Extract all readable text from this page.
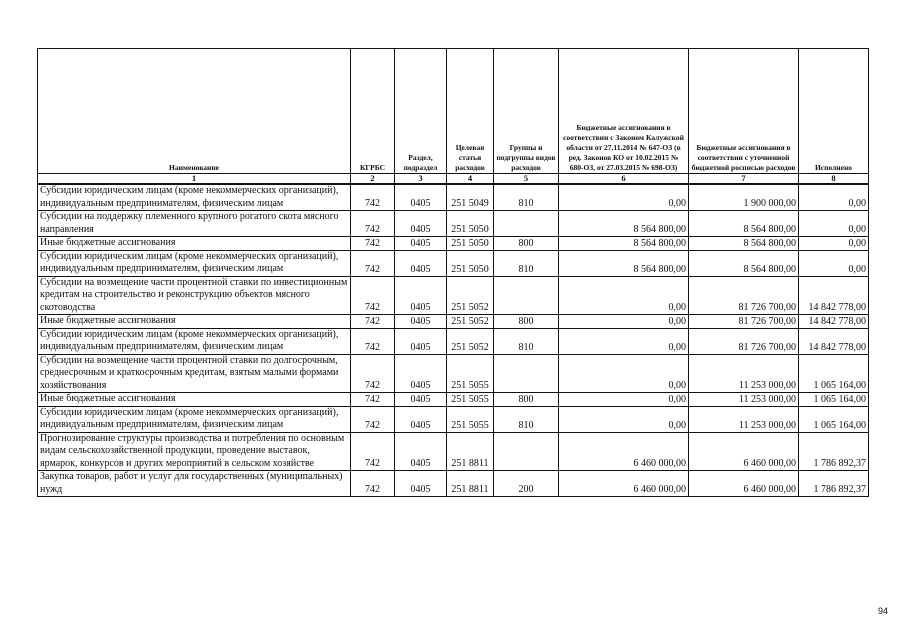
Наименование	КГРБС	Раздел, подраздел	Целевая статья расходов	Группы и подгруппы видов расходов	Бюджетные ассигнования в соответствии с Законом Калужской области от 27.11.2014 № 647-ОЗ (в ред. Законов КО от 10.02.2015 № 680-ОЗ, от 27.03.2015 № 698-ОЗ)	Бюджетные ассигнования в соответствии с уточненной бюджетной росписью расходов	Исполнено
1	2	3	4	5	6	7	8
Субсидии юридическим лицам (кроме некоммерческих организаций), индивидуальным предпринимателям, физическим лицам	742	0405	251 5049	810	0,00	1 900 000,00	0,00
Субсидии на поддержку племенного крупного рогатого скота мясного направления	742	0405	251 5050		8 564 800,00	8 564 800,00	0,00
Иные бюджетные ассигнования	742	0405	251 5050	800	8 564 800,00	8 564 800,00	0,00
Субсидии юридическим лицам (кроме некоммерческих организаций), индивидуальным предпринимателям, физическим лицам	742	0405	251 5050	810	8 564 800,00	8 564 800,00	0,00
Субсидии на возмещение части процентной ставки по инвестиционным кредитам на строительство и реконструкцию объектов мясного скотоводства	742	0405	251 5052		0,00	81 726 700,00	14 842 778,00
Иные бюджетные ассигнования	742	0405	251 5052	800	0,00	81 726 700,00	14 842 778,00
Субсидии юридическим лицам (кроме некоммерческих организаций), индивидуальным предпринимателям, физическим лицам	742	0405	251 5052	810	0,00	81 726 700,00	14 842 778,00
Субсидии на возмещение части процентной ставки по долгосрочным, среднесрочным и краткосрочным кредитам, взятым малыми формами хозяйствования	742	0405	251 5055		0,00	11 253 000,00	1 065 164,00
Иные бюджетные ассигнования	742	0405	251 5055	800	0,00	11 253 000,00	1 065 164,00
Субсидии юридическим лицам (кроме некоммерческих организаций), индивидуальным предпринимателям, физическим лицам	742	0405	251 5055	810	0,00	11 253 000,00	1 065 164,00
Прогнозирование структуры производства и потребления по основным видам сельскохозяйственной продукции, проведение выставок, ярмарок, конкурсов и других мероприятий в сельском хозяйстве	742	0405	251 8811		6 460 000,00	6 460 000,00	1 786 892,37
Закупка товаров, работ и услуг для государственных (муниципальных) нужд	742	0405	251 8811	200	6 460 000,00	6 460 000,00	1 786 892,37
94
